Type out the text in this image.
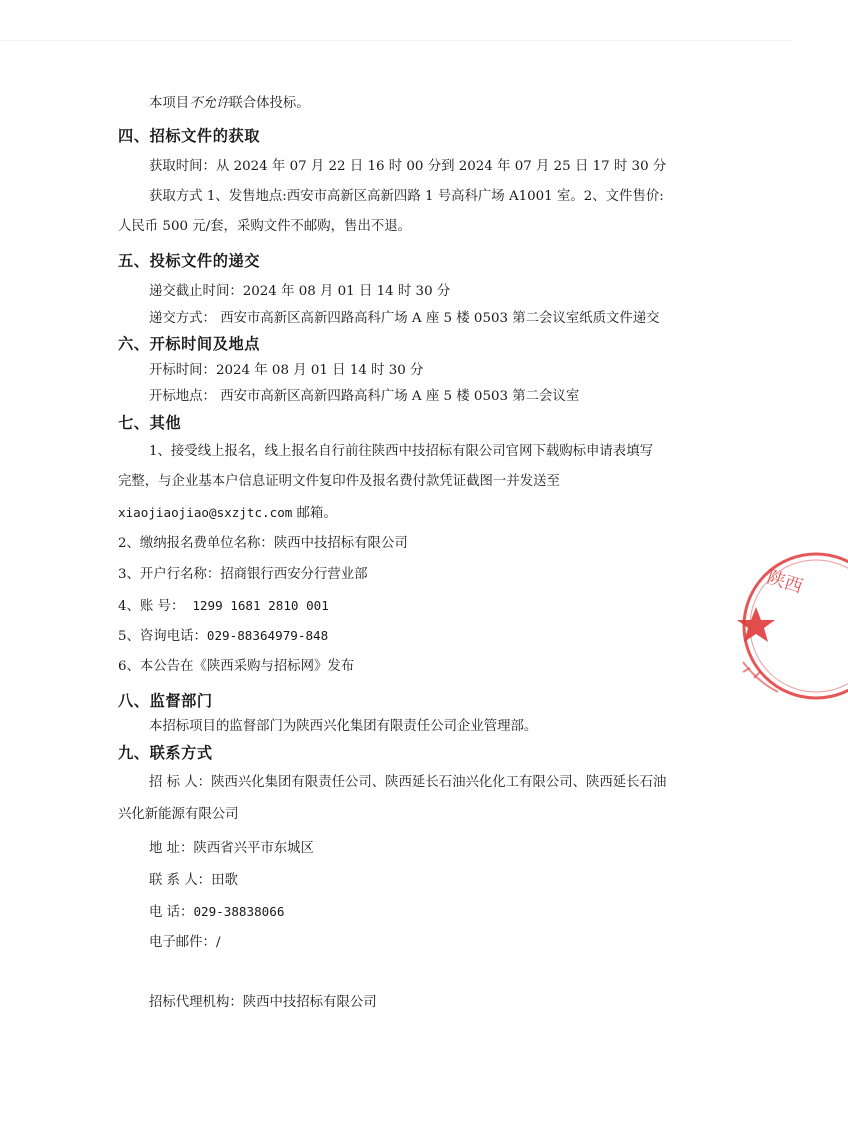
本项目不允许联合体投标。
四、招标文件的获取
获取时间：从 2024 年 07 月 22 日 16 时 00 分到 2024 年 07 月 25 日 17 时 30 分
获取方式 1、发售地点:西安市高新区高新四路 1 号高科广场 A1001 室。2、文件售价:
人民币 500 元/套，采购文件不邮购，售出不退。
五、投标文件的递交
递交截止时间：2024 年 08 月 01 日 14 时 30 分
递交方式： 西安市高新区高新四路高科广场 A 座 5 楼 0503 第二会议室纸质文件递交
六、开标时间及地点
开标时间：2024 年 08 月 01 日 14 时 30 分
开标地点： 西安市高新区高新四路高科广场 A 座 5 楼 0503 第二会议室
七、其他
1、接受线上报名，线上报名自行前往陕西中技招标有限公司官网下载购标申请表填写
完整，与企业基本户信息证明文件复印件及报名费付款凭证截图一并发送至
xiaojiaojiao@sxzjtc.com 邮箱。
2、缴纳报名费单位名称：陕西中技招标有限公司
3、开户行名称：招商银行西安分行营业部
4、账 号： 1299 1681 2810 001
5、咨询电话：029-88364979-848
6、本公告在《陕西采购与招标网》发布
八、监督部门
本招标项目的监督部门为陕西兴化集团有限责任公司企业管理部。
九、联系方式
招 标 人：陕西兴化集团有限责任公司、陕西延长石油兴化化工有限公司、陕西延长石油
兴化新能源有限公司
地 址：陕西省兴平市东城区
联 系 人：田歌
电 话：029-38838066
电子邮件：/
招标代理机构：陕西中技招标有限公司
陕西
